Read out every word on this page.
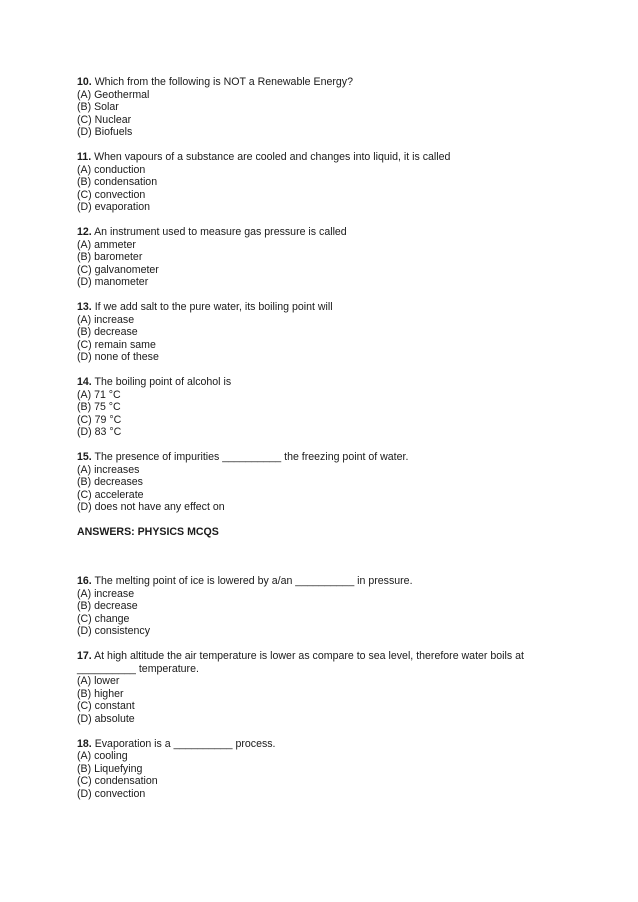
10. Which from the following is NOT a Renewable Energy?
(A) Geothermal
(B) Solar
(C) Nuclear
(D) Biofuels
11. When vapours of a substance are cooled and changes into liquid, it is called
(A) conduction
(B) condensation
(C) convection
(D) evaporation
12. An instrument used to measure gas pressure is called
(A) ammeter
(B) barometer
(C) galvanometer
(D) manometer
13. If we add salt to the pure water, its boiling point will
(A) increase
(B) decrease
(C) remain same
(D) none of these
14. The boiling point of alcohol is
(A) 71 °C
(B) 75 °C
(C) 79 °C
(D) 83 °C
15. The presence of impurities __________ the freezing point of water.
(A) increases
(B) decreases
(C) accelerate
(D) does not have any effect on
ANSWERS: PHYSICS MCQS
16. The melting point of ice is lowered by a/an __________ in pressure.
(A) increase
(B) decrease
(C) change
(D) consistency
17. At high altitude the air temperature is lower as compare to sea level, therefore water boils at
__________ temperature.
(A) lower
(B) higher
(C) constant
(D) absolute
18. Evaporation is a __________ process.
(A) cooling
(B) Liquefying
(C) condensation
(D) convection
